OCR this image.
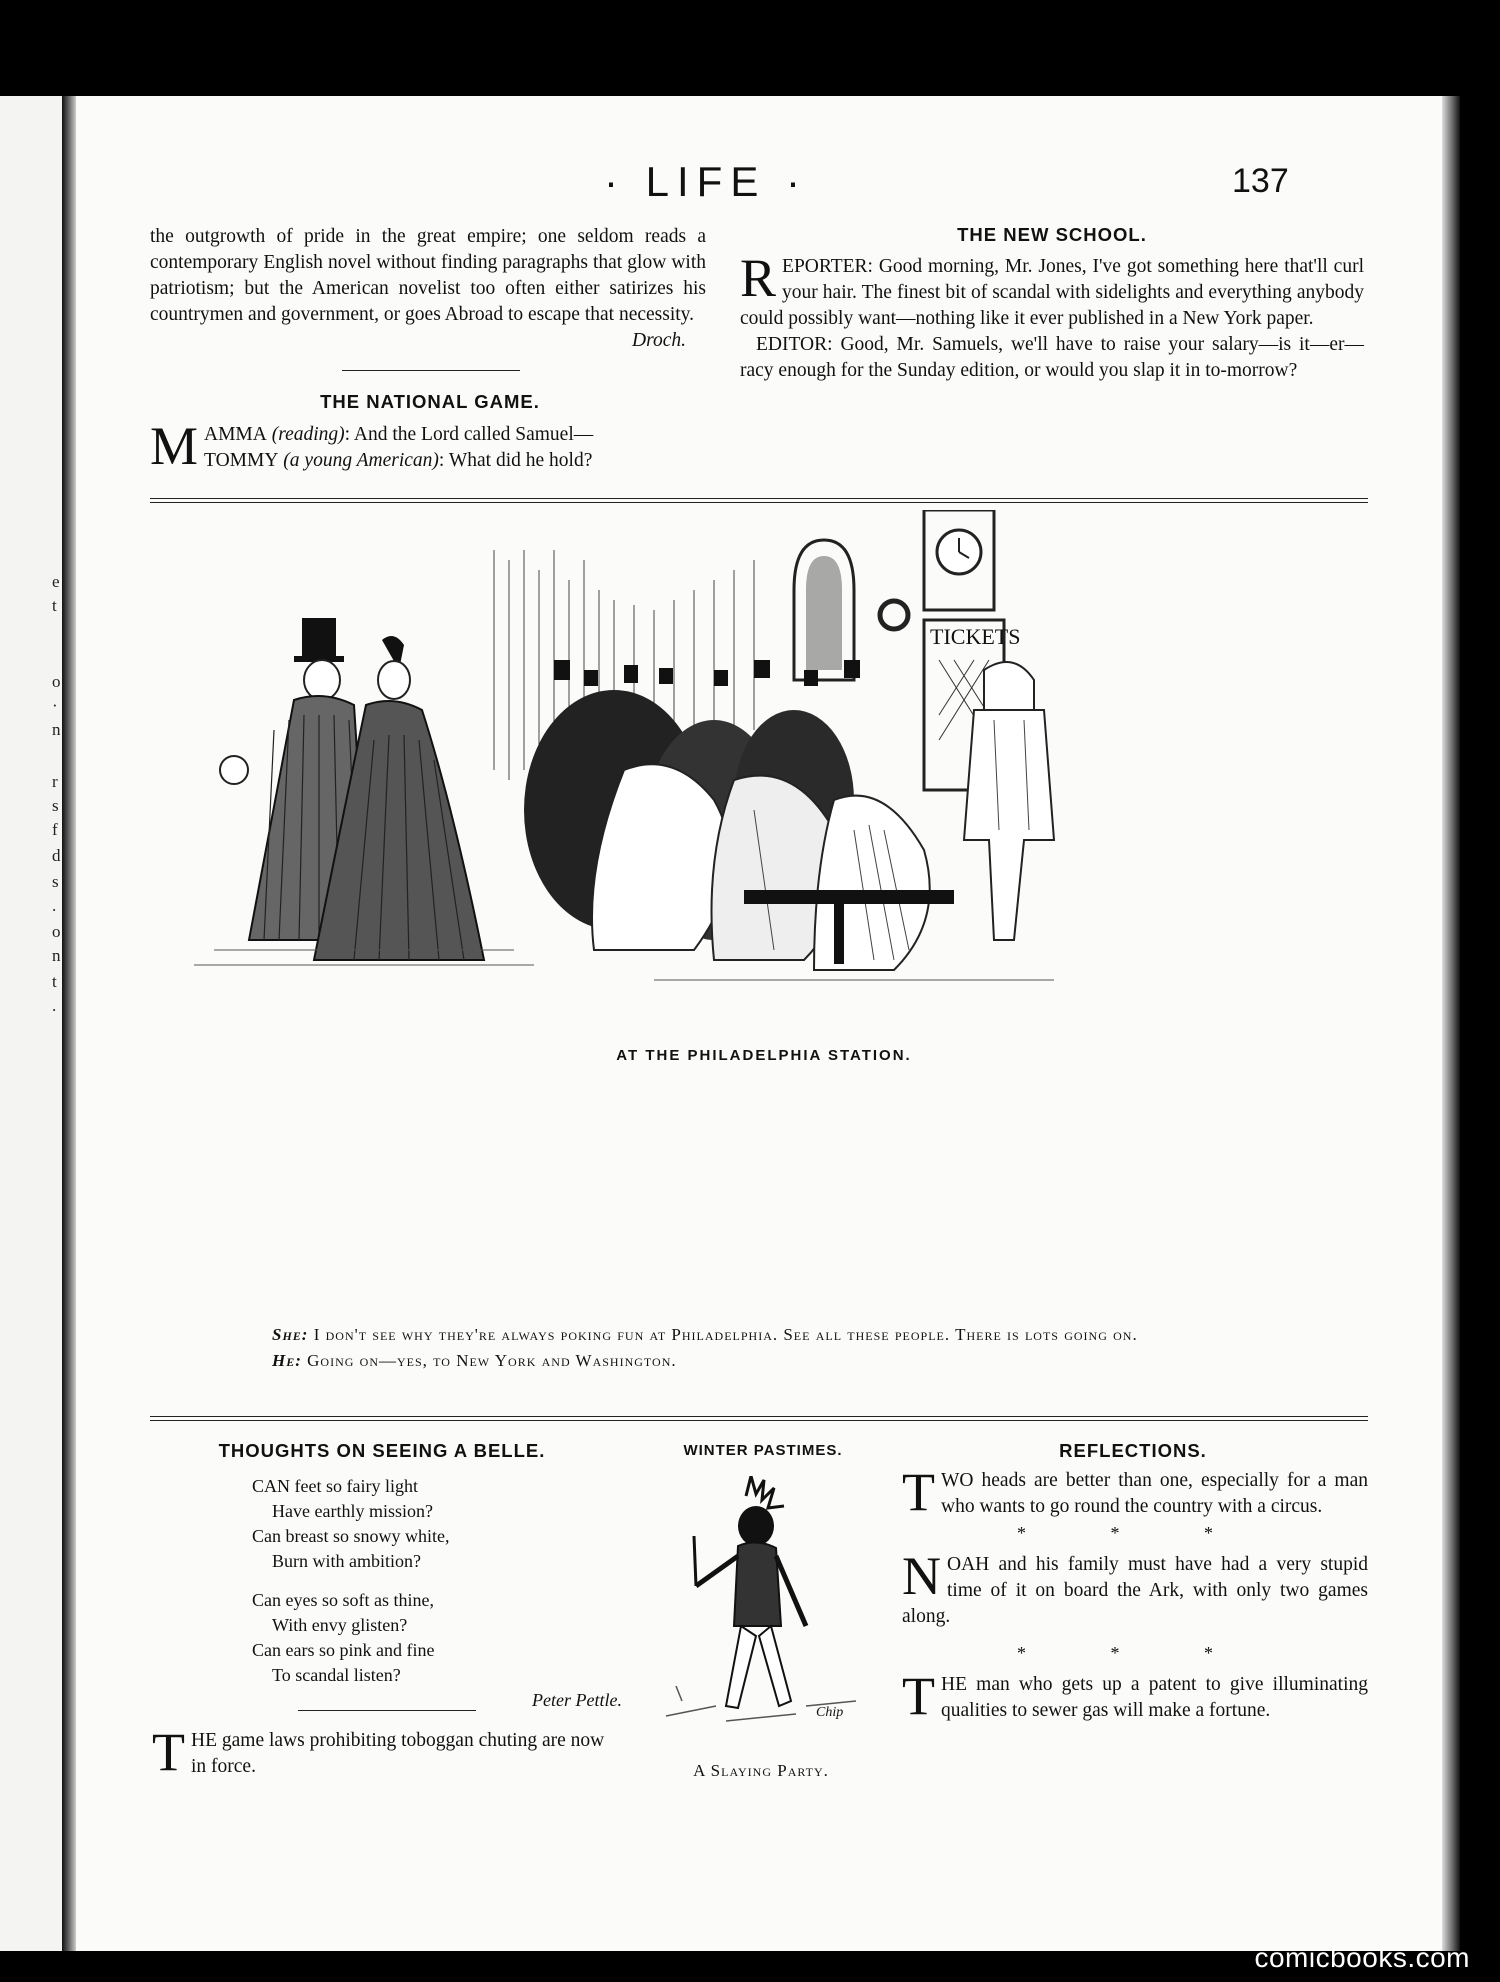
e
t
o
·
n
r
s
f
d
s
.
o
n
t
.
· LIFE ·	137
the outgrowth of pride in the great empire; one seldom reads a contemporary English novel without finding paragraphs that glow with patriotism; but the American novelist too often either satirizes his countrymen and government, or goes Abroad to escape that necessity.
Droch.
THE NATIONAL GAME.
M AMMA (reading): And the Lord called Samuel—
TOMMY (a young American): What did he hold?
THE NEW SCHOOL.
R EPORTER: Good morning, Mr. Jones, I've got something here that'll curl your hair. The finest bit of scandal with sidelights and everything anybody could possibly want—nothing like it ever published in a New York paper.
EDITOR: Good, Mr. Samuels, we'll have to raise your salary—is it—er—racy enough for the Sunday edition, or would you slap it in to-morrow?
TICKETS
AT THE PHILADELPHIA STATION.
She: I don't see why they're always poking fun at Philadelphia. See all these people. There is lots going on.
He: Going on—yes, to New York and Washington.
THOUGHTS ON SEEING A BELLE.
CAN feet so fairy light
Have earthly mission?
Can breast so snowy white,
Burn with ambition?
Can eyes so soft as thine,
With envy glisten?
Can ears so pink and fine
To scandal listen?
Peter Pettle.
T HE game laws prohibiting toboggan chuting are now in force.
WINTER PASTIMES.
Chip
A Slaying Party.
REFLECTIONS.
T WO heads are better than one, especially for a man who wants to go round the country with a circus.
* * *
N OAH and his family must have had a very stupid time of it on board the Ark, with only two games along.
* * *
T HE man who gets up a patent to give illuminating qualities to sewer gas will make a fortune.
comicbooks.com
